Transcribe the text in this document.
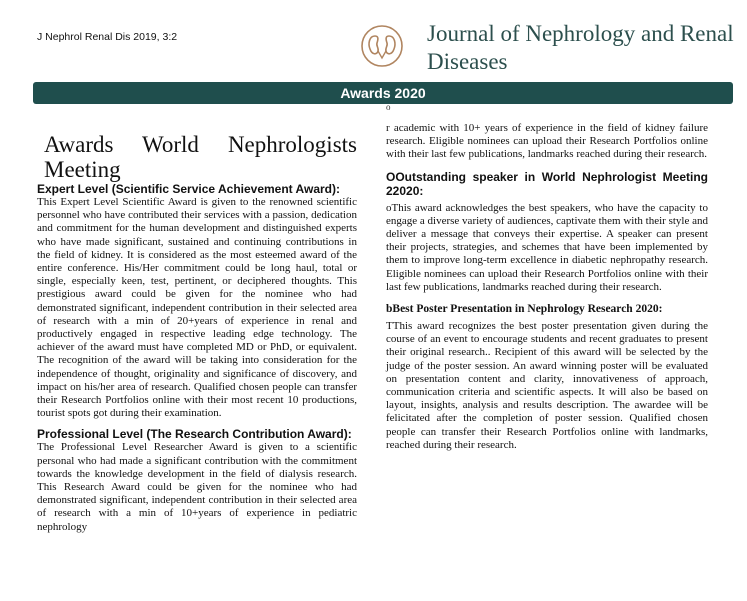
J Nephrol Renal Dis 2019, 3:2	Journal of Nephrology and Renal Diseases
Awards 2020
o
Awards World Nephrologists Meeting

Expert Level (Scientific Service Achievement Award):

This Expert Level Scientific Award is given to the renowned scientific personnel who have contributed their services with a passion, dedication and commitment for the human development and distinguished experts who have made significant, sustained and continuing contributions in the field of kidney. It is considered as the most esteemed award of the entire conference. His/Her commitment could be long haul, total or single, especially keen, test, pertinent, or deciphered thoughts. This prestigious award could be given for the nominee who had demonstrated significant, independent contribution in their selected area of research with a min of 20+years of experience in renal and productively engaged in respective leading edge technology. The achiever of the award must have completed MD or PhD, or equivalent. The recognition of the award will be taking into consideration for the independence of thought, originality and significance of discovery, and impact on his/her area of research. Qualified chosen people can transfer their Research Portfolios online with their most recent 10 productions, tourist spots got during their examination.

Professional Level (The Research Contribution Award):

The Professional Level Researcher Award is given to a scientific personal who had made a significant contribution with the commitment towards the knowledge development in the field of dialysis research. This Research Award could be given for the nominee who had demonstrated significant, independent contribution in their selected area of research with a min of 10+years of experience in pediatric nephrology

r academic with 10+ years of experience in the field of kidney failure research. Eligible nominees can upload their Research Portfolios online with their last few publications, landmarks reached during their research.

OOutstanding speaker in World Nephrologist Meeting 22020:

oThis award acknowledges the best speakers, who have the capacity to engage a diverse variety of audiences, captivate them with their style and deliver a message that conveys their expertise. A speaker can present their projects, strategies, and schemes that have been implemented by them to improve long-term excellence in diabetic nephropathy research. Eligible nominees can upload their Research Portfolios online with their last few publications, landmarks reached during their research.

bBest Poster Presentation in Nephrology Research 2020:

TThis award recognizes the best poster presentation given during the course of an event to encourage students and recent graduates to present their original research.. Recipient of this award will be selected by the judge of the poster session. An award winning poster will be evaluated on presentation content and clarity, innovativeness of approach, communication criteria and scientific aspects. It will also be based on layout, insights, analysis and results description. The awardee will be felicitated after the completion of poster session. Qualified chosen people can transfer their Research Portfolios online with landmarks, reached during their research.
